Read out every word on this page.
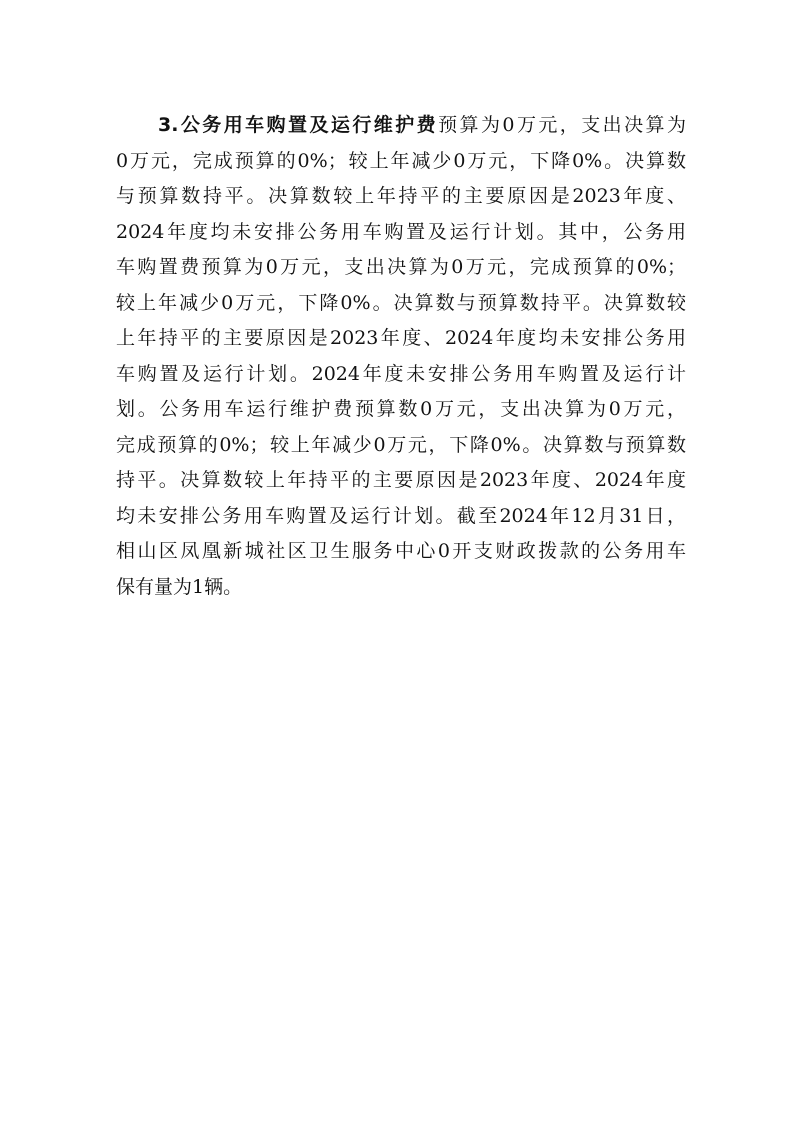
3.公务用车购置及运行维护费预算为0万元，支出决算为
0万元，完成预算的0%；较上年减少0万元，下降0%。决算数
与预算数持平。决算数较上年持平的主要原因是2023年度、
2024年度均未安排公务用车购置及运行计划。其中，公务用
车购置费预算为0万元，支出决算为0万元，完成预算的0%；
较上年减少0万元，下降0%。决算数与预算数持平。决算数较
上年持平的主要原因是2023年度、2024年度均未安排公务用
车购置及运行计划。2024年度未安排公务用车购置及运行计
划。公务用车运行维护费预算数0万元，支出决算为0万元，
完成预算的0%；较上年减少0万元，下降0%。决算数与预算数
持平。决算数较上年持平的主要原因是2023年度、2024年度
均未安排公务用车购置及运行计划。截至2024年12月31日，
相山区凤凰新城社区卫生服务中心0开支财政拨款的公务用车
保有量为1辆。
